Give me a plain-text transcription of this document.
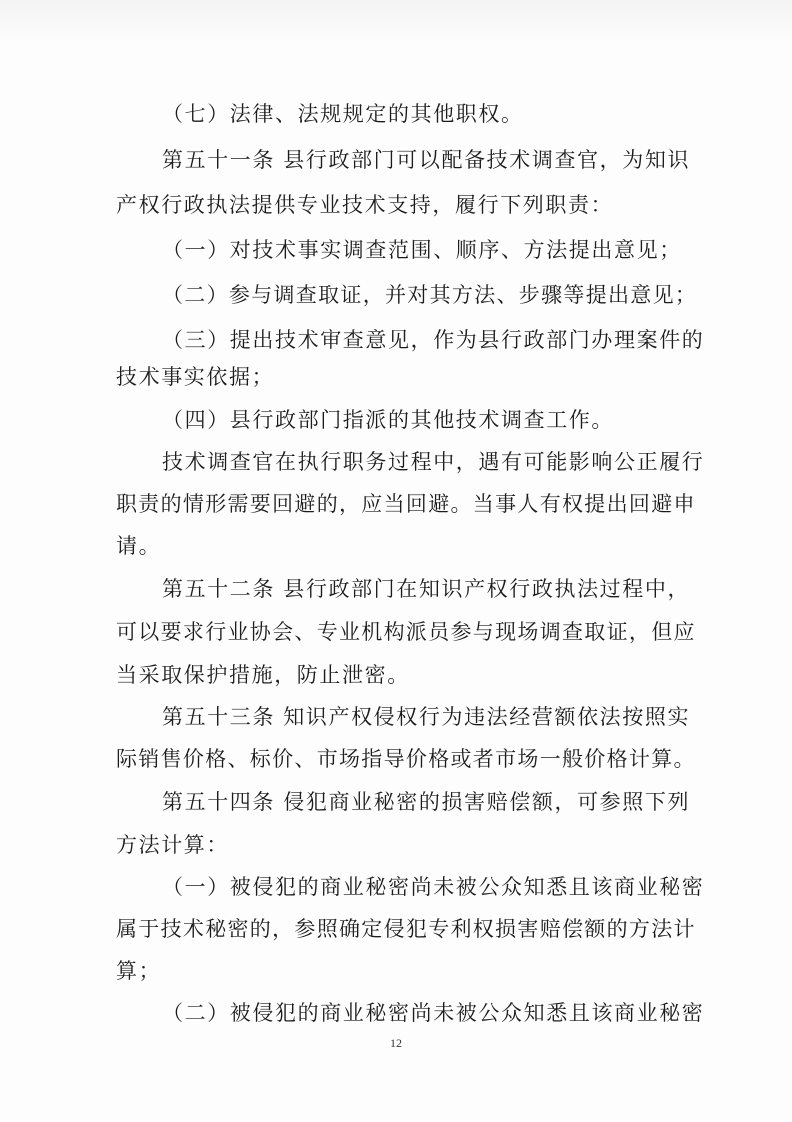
（七）法律、法规规定的其他职权。
第五十一条 县行政部门可以配备技术调查官，为知识
产权行政执法提供专业技术支持，履行下列职责：
（一）对技术事实调查范围、顺序、方法提出意见；
（二）参与调查取证，并对其方法、步骤等提出意见；
（三）提出技术审查意见，作为县行政部门办理案件的
技术事实依据；
（四）县行政部门指派的其他技术调查工作。
技术调查官在执行职务过程中，遇有可能影响公正履行
职责的情形需要回避的，应当回避。当事人有权提出回避申
请。
第五十二条 县行政部门在知识产权行政执法过程中，
可以要求行业协会、专业机构派员参与现场调查取证，但应
当采取保护措施，防止泄密。
第五十三条 知识产权侵权行为违法经营额依法按照实
际销售价格、标价、市场指导价格或者市场一般价格计算。
第五十四条 侵犯商业秘密的损害赔偿额，可参照下列
方法计算：
（一）被侵犯的商业秘密尚未被公众知悉且该商业秘密
属于技术秘密的，参照确定侵犯专利权损害赔偿额的方法计
算；
（二）被侵犯的商业秘密尚未被公众知悉且该商业秘密
12
